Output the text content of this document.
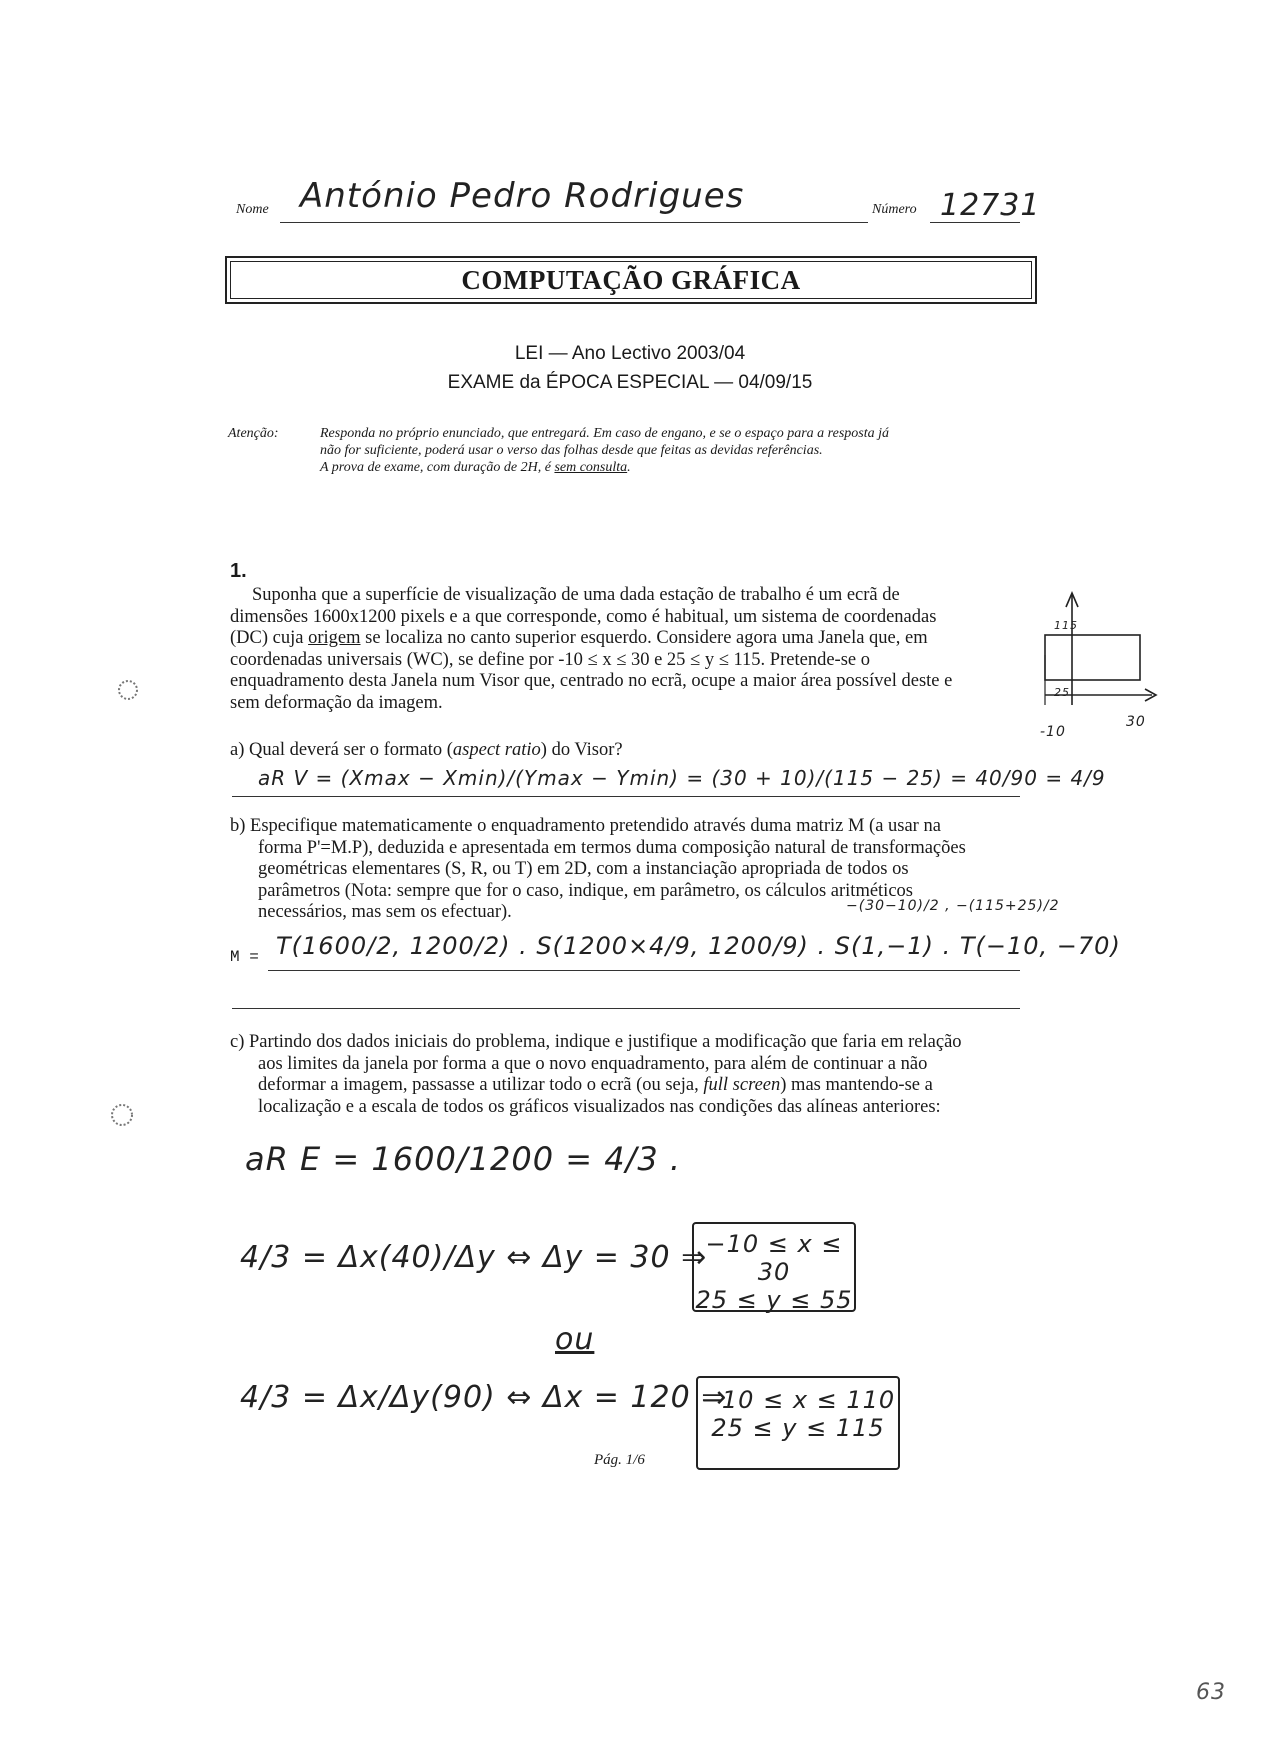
Nome António Pedro Rodrigues	Número 12731
COMPUTAÇÃO GRÁFICA
LEI — Ano Lectivo 2003/04
EXAME da ÉPOCA ESPECIAL — 04/09/15
Atenção:	Responda no próprio enunciado, que entregará. Em caso de engano, e se o espaço para a resposta já
não for suficiente, poderá usar o verso das folhas desde que feitas as devidas referências.
A prova de exame, com duração de 2H, é sem consulta.
1.
Suponha que a superfície de visualização de uma dada estação de trabalho é um ecrã de
dimensões 1600x1200 pixels e a que corresponde, como é habitual, um sistema de coordenadas
(DC) cuja origem se localiza no canto superior esquerdo. Considere agora uma Janela que, em
coordenadas universais (WC), se define por -10 ≤ x ≤ 30 e 25 ≤ y ≤ 115. Pretende-se o
enquadramento desta Janela num Visor que, centrado no ecrã, ocupe a maior área possível deste e
sem deformação da imagem.
115
25
-10
30
a) Qual deverá ser o formato (aspect ratio) do Visor?
aR V = (Xmax − Xmin)/(Ymax − Ymin) = (30 + 10)/(115 − 25) = 40/90 = 4/9
b) Especifique matematicamente o enquadramento pretendido através duma matriz M (a usar na
forma P'=M.P), deduzida e apresentada em termos duma composição natural de transformações
geométricas elementares (S, R, ou T) em 2D, com a instanciação apropriada de todos os
parâmetros (Nota: sempre que for o caso, indique, em parâmetro, os cálculos aritméticos
necessários, mas sem os efectuar).	−(30−10)/2 , −(115+25)/2
M = T(1600/2, 1200/2) . S(1200×4/9, 1200/9) . S(1,−1) . T(−10, −70)
c) Partindo dos dados iniciais do problema, indique e justifique a modificação que faria em relação
aos limites da janela por forma a que o novo enquadramento, para além de continuar a não
deformar a imagem, passasse a utilizar todo o ecrã (ou seja, full screen) mas mantendo-se a
localização e a escala de todos os gráficos visualizados nas condições das alíneas anteriores:
aR E = 1600/1200 = 4/3 .
4/3 = Δx(40)/Δy ⇔ Δy = 30 ⇒
−10 ≤ x ≤ 30
25 ≤ y ≤ 55
ou
4/3 = Δx/Δy(90) ⇔ Δx = 120 ⇒
−10 ≤ x ≤ 110
25 ≤ y ≤ 115
Pág. 1/6
63
